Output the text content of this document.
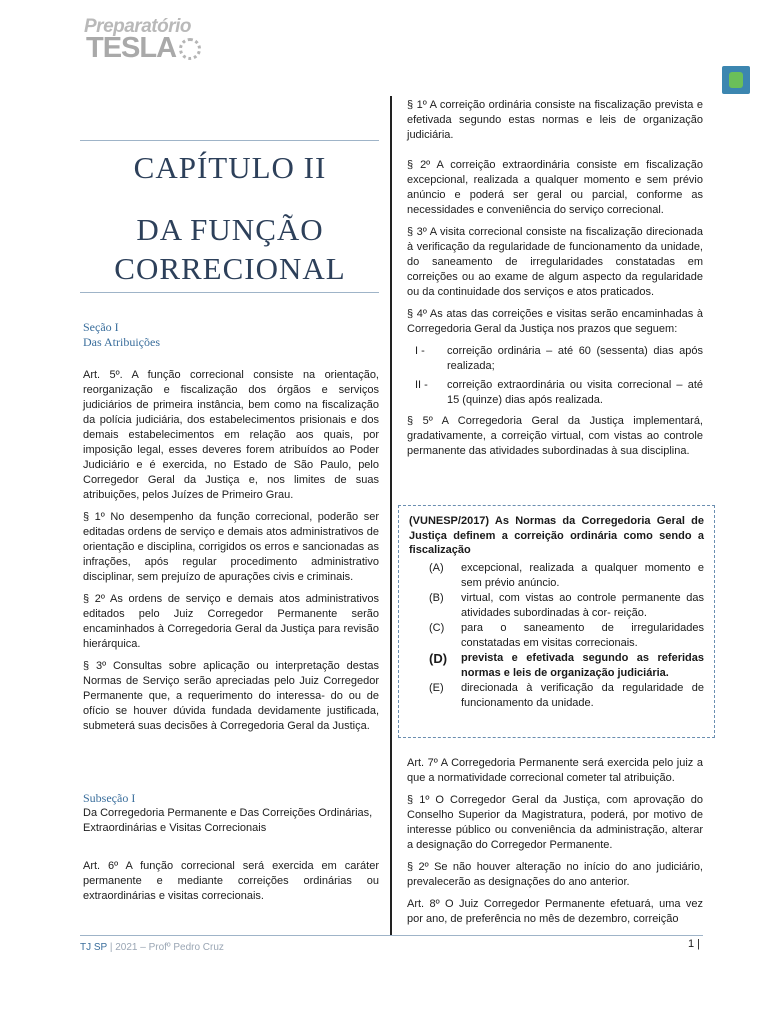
Preparatório
TESLA
CAPÍTULO II
DA FUNÇÃO CORRECIONAL
Seção I
Das Atribuições

Art. 5º. A função correcional consiste na orientação, reorganização e fiscalização dos órgãos e serviços judiciários de primeira instância, bem como na fiscalização da polícia judiciária, dos estabelecimentos prisionais e dos demais estabelecimentos em relação aos quais, por imposição legal, esses deveres forem atribuídos ao Poder Judiciário e é exercida, no Estado de São Paulo, pelo Corregedor Geral da Justiça e, nos limites de suas atribuições, pelos Juízes de Primeiro Grau.

§ 1º No desempenho da função correcional, poderão ser editadas ordens de serviço e demais atos administrativos de orientação e disciplina, corrigidos os erros e sancionadas as infrações, após regular procedimento administrativo disciplinar, sem prejuízo de apurações civis e criminais.

§ 2º As ordens de serviço e demais atos administrativos editados pelo Juiz Corregedor Permanente serão encaminhados à Corregedoria Geral da Justiça para revisão hierárquica.

§ 3º Consultas sobre aplicação ou interpretação destas Normas de Serviço serão apreciadas pelo Juiz Corregedor Permanente que, a requerimento do interessa- do ou de ofício se houver dúvida fundada devidamente justificada, submeterá suas decisões à Corregedoria Geral da Justiça.

Subseção I
Da Corregedoria Permanente e Das Correições Ordinárias, Extraordinárias e Visitas Correcionais
Art. 6º A função correcional será exercida em caráter permanente e mediante correições ordinárias ou extraordinárias e visitas correcionais.

§ 1º A correição ordinária consiste na fiscalização prevista e efetivada segundo estas normas e leis de organização judiciária.

§ 2º A correição extraordinária consiste em fiscalização excepcional, realizada a qualquer momento e sem prévio anúncio e poderá ser geral ou parcial, conforme as necessidades e conveniência do serviço correcional.

§ 3º A visita correcional consiste na fiscalização direcionada à verificação da regularidade de funcionamento da unidade, do saneamento de irregularidades constatadas em correições ou ao exame de algum aspecto da regularidade ou da continuidade dos serviços e atos praticados.

§ 4º As atas das correições e visitas serão encaminhadas à Corregedoria Geral da Justiça nos prazos que seguem:

I -	correição ordinária – até 60 (sessenta) dias após realizada;
II -	correição extraordinária ou visita correcional – até 15 (quinze) dias após realizada.

§ 5º A Corregedoria Geral da Justiça implementará, gradativamente, a correição virtual, com vistas ao controle permanente das atividades subordinadas à sua disciplina.

(VUNESP/2017) As Normas da Corregedoria Geral de Justiça definem a correição ordinária como sendo a fiscalização
(A)	excepcional, realizada a qualquer momento e sem prévio anúncio.
(B)	virtual, com vistas ao controle permanente das atividades subordinadas à cor- reição.
(C)	para o saneamento de irregularidades constatadas em visitas correcionais.
(D)	prevista e efetivada segundo as referidas normas e leis de organização judiciária.
(E)	direcionada à verificação da regularidade de funcionamento da unidade.

Art. 7º A Corregedoria Permanente será exercida pelo juiz a que a normatividade correcional cometer tal atribuição.

§ 1º O Corregedor Geral da Justiça, com aprovação do Conselho Superior da Magistratura, poderá, por motivo de interesse público ou conveniência da administração, alterar a designação do Corregedor Permanente.

§ 2º Se não houver alteração no início do ano judiciário, prevalecerão as designações do ano anterior.

Art. 8º O Juiz Corregedor Permanente efetuará, uma vez por ano, de preferência no mês de dezembro, correição

TJ SP | 2021 – Profº Pedro Cruz	1 |
